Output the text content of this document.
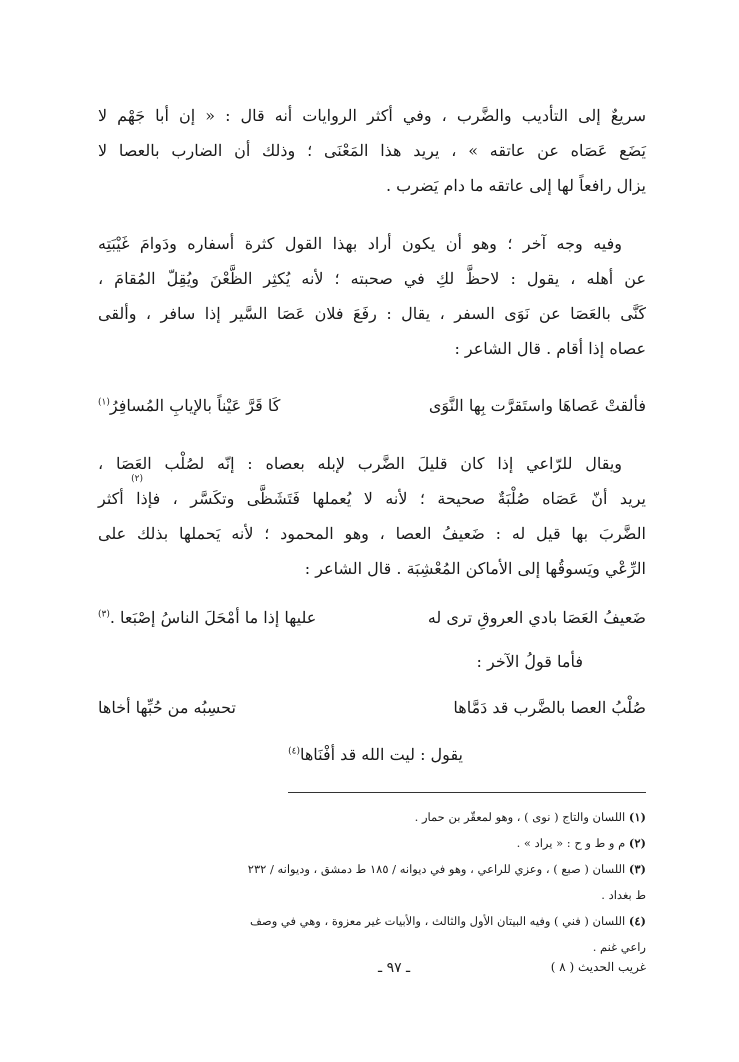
سريعٌ إلى التأديب والضَّرب ، وفي أكثر الروايات أنه قال : « إن أبا جَهْم لا
يَضَع عَصَاه عن عاتقه » ، يريد هذا المَعْنَى ؛ وذلك أن الضارب بالعصا لا
يزال رافعاً لها إلى عاتقه ما دام يَضرب .

وفيه وجه آخر ؛ وهو أن يكون أراد بهذا القول كثرة أسفاره ودَوامَ غَيْبَتِه
عن أهله ، يقول : لاحظَّ لكِ في صحبته ؛ لأنه يُكثِر الظَّعْنَ ويُقِلّ المُقامَ ،
كَنَّى بالعَصَا عن نَوَى السفر ، يقال : رفَعَ فلان عَصَا السَّير إذا سافر ، وألقى
عصاه إذا أقام . قال الشاعر :

فألقتْ عَصاهَا واستَقرَّت بِها النَّوَى
كَا قَرَّ عَيْناً بالإيابِ المُسافِرُ$^{(١)}$

ويقال للرّاعي إذا كان قليلَ الضَّرب لإبله بعصاه : إنّه لصُلْب العَصَا ،
يريد أنّ عَصَاه صُلْبَةٌ صحيحة ؛ لأنه لا يُعملها فَتَشَظَّى وتكَسَّر ، فإذا أكثر
الضَّربَ بها قيل له : ضَعيفُ العصا ، وهو المحمود ؛ لأنه يَحملها بذلك على
الرِّعْي ويَسوقُها إلى الأماكن المُعْشِبَة . قال الشاعر :

(٢)
ضَعيفُ العَصَا بادي العروقِ ترى له
عليها إذا ما أمْحَلَ الناسُ إصْبَعا .$^{(٣)}$
فأما قولُ الآخر :
صُلْبُ العصا بالضَّرب قد دَمَّاها
تحسِبُه من حُبِّها أخاها
يقول : ليت الله قد أفْنَاها$^{(٤)}$
(١) اللسان والتاج ( نوى ) ، وهو لمعقّر بن حمار .
(٢) م و ط و ح : « يراد » .
(٣) اللسان ( صبع ) ، وعزي للراعي ، وهو في ديوانه / ١٨٥ ط دمشق ، وديوانه / ٢٣٢
ط بغداد .
(٤) اللسان ( فني ) وفيه البيتان الأول والثالث ، والأبيات غير معزوة ، وهي في وصف
راعي غنم .
غريب الحديث ( ٨ )
ـ ٩٧ ـ
